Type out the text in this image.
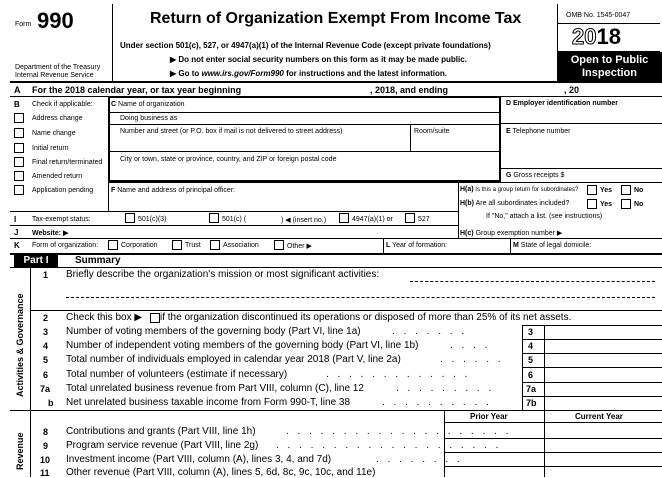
Form 990
Department of the Treasury
Internal Revenue Service
Return of Organization Exempt From Income Tax
Under section 501(c), 527, or 4947(a)(1) of the Internal Revenue Code (except private foundations)
▶ Do not enter social security numbers on this form as it may be made public.
▶ Go to www.irs.gov/Form990 for instructions and the latest information.
OMB No. 1545-0047
2018
Open to Public
Inspection
A For the 2018 calendar year, or tax year beginning	, 2018, and ending	, 20
B Check if applicable:
Address change
Name change
Initial return
Final return/terminated
Amended return
Application pending
C Name of organization
Doing business as
Number and street (or P.O. box if mail is not delivered to street address)	Room/suite
City or town, state or province, country, and ZIP or foreign postal code
D Employer identification number
E Telephone number
G Gross receipts $
F Name and address of principal officer:	H(a) Is this a group return for subordinates?	Yes	No
H(b) Are all subordinates included?	Yes	No
If "No," attach a list. (see instructions)
I Tax-exempt status:	501(c)(3)	501(c) (	) ◀ (insert no.)	4947(a)(1) or	527
J Website: ▶	H(c) Group exemption number ▶
K Form of organization:	Corporation	Trust	Association	Other ▶	L Year of formation:	M State of legal domicile:
Part I	Summary
Activities & Governance
Revenue
1 Briefly describe the organization's mission or most significant activities:
2 Check this box ▶ if the organization discontinued its operations or disposed of more than 25% of its net assets.
3 Number of voting members of the governing body (Part VI, line 1a)	. . . . . . .	3
4 Number of independent voting members of the governing body (Part VI, line 1b)	. . . .	4
5 Total number of individuals employed in calendar year 2018 (Part V, line 2a)	. . . . . .	5
6 Total number of volunteers (estimate if necessary)	. . . . . . . . . . . . .	6
7a Total unrelated business revenue from Part VIII, column (C), line 12	. . . . . . . . .	7a
b Net unrelated business taxable income from Form 990-T, line 38	. . . . . . . . . .	7b
Prior Year	Current Year
8 Contributions and grants (Part VIII, line 1h)	. . . . . . . . . . . . . . . . . . . .
9 Program service revenue (Part VIII, line 2g) . . . . . . . . . . . . . . . . . . . .
10 Investment income (Part VIII, column (A), lines 3, 4, and 7d)	. . . . . . . .
11 Other revenue (Part VIII, column (A), lines 5, 6d, 8c, 9c, 10c, and 11e)
